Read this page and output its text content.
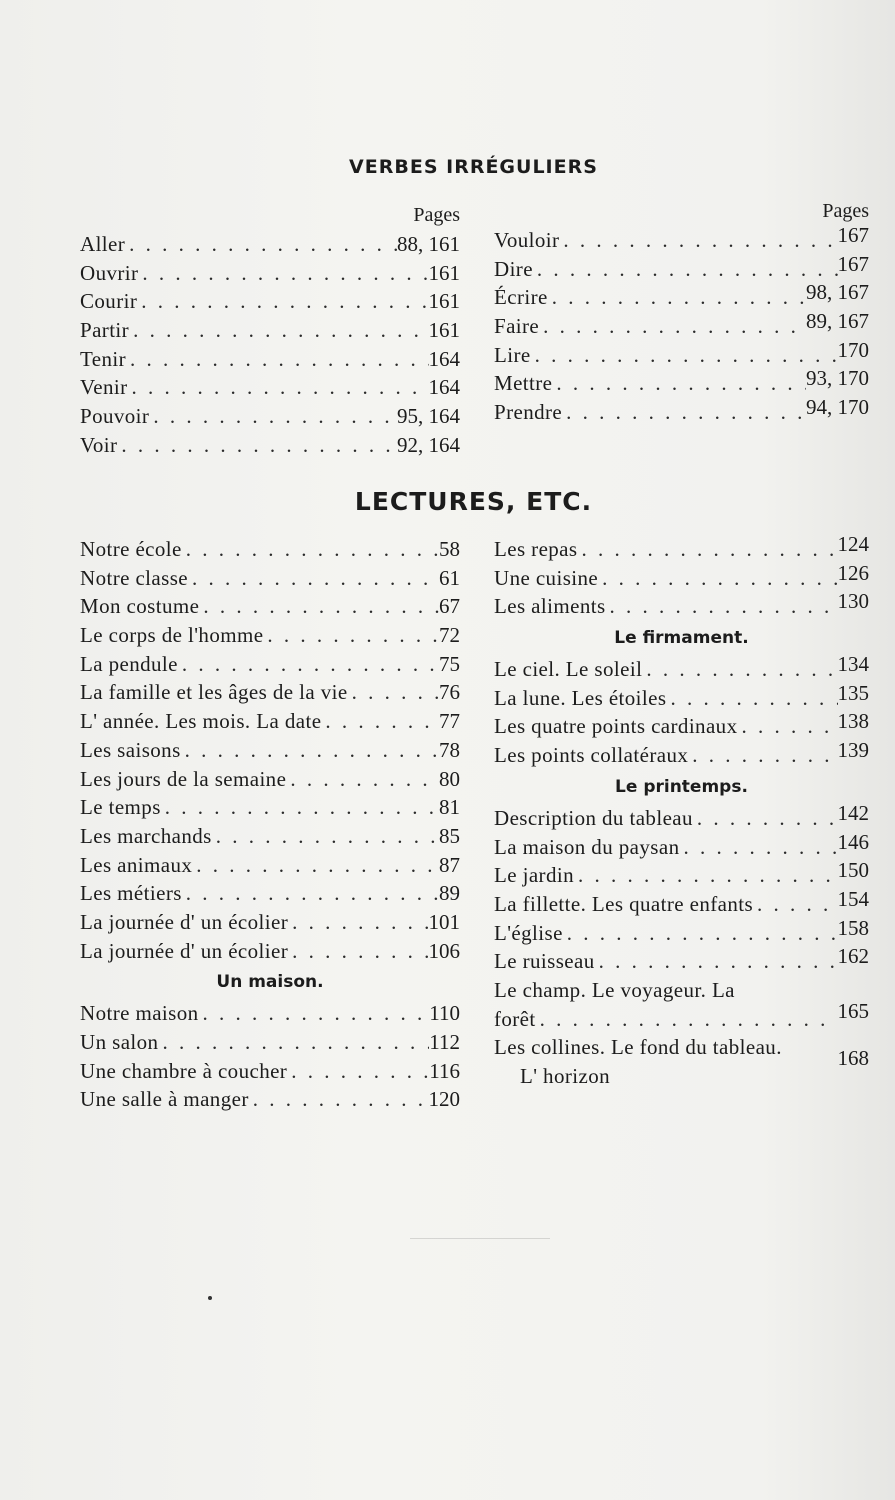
VERBES IRRÉGULIERS
Pages
Aller . . .	88, 161
Ouvrir . . .	161
Courir . . .	161
Partir . . .	161
Tenir . . .	164
Venir . . .	164
Pouvoir . . .	95, 164
Voir . . .	92, 164
Pages
Vouloir . . .	167
Dire . . .	167
Écrire . . .	98, 167
Faire . . .	89, 167
Lire . . .	170
Mettre . . .	93, 170
Prendre . . .	94, 170
LECTURES, ETC.
Notre école . . .	58
Notre classe . . .	61
Mon costume . . .	67
Le corps de l'homme . . .	72
La pendule . . .	75
La famille et les âges de la vie . . .	76
L' année. Les mois. La date . . .	77
Les saisons . . .	78
Les jours de la semaine . . .	80
Le temps . . .	81
Les marchands . . .	85
Les animaux . . .	87
Les métiers . . .	89
La journée d' un écolier . . .	101
La journée d' un écolier . . .	106
Un maison.
Notre maison . . .	110
Un salon . . .	112
Une chambre à coucher . . .	116
Une salle à manger . . .	120
Les repas . . .	124
Une cuisine . . .	126
Les aliments . . .	130
Le firmament.
Le ciel. Le soleil . . .	134
La lune. Les étoiles . . .	135
Les quatre points cardinaux . . .	138
Les points collatéraux . . .	139
Le printemps.
Description du tableau . . .	142
La maison du paysan . . .	146
Le jardin . . .	150
La fillette. Les quatre enfants . . .	154
L'église . . .	158
Le ruisseau . . .	162
Le champ. Le voyageur. La
forêt . . .	165
Les collines. Le fond du tableau.
L' horizon
168
